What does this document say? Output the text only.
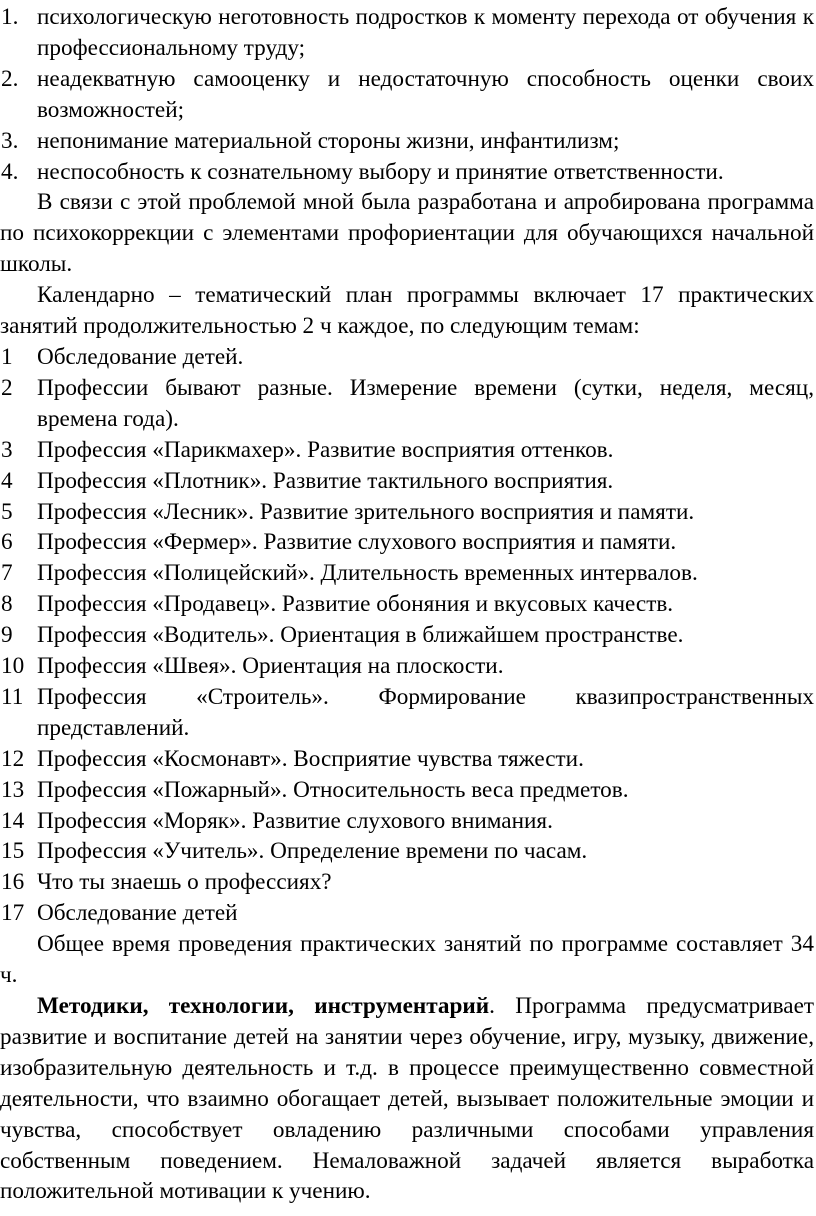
1. психологическую неготовность подростков к моменту перехода от обучения к профессиональному труду;
2. неадекватную самооценку и недостаточную способность оценки своих возможностей;
3. непонимание материальной стороны жизни, инфантилизм;
4. неспособность к сознательному выбору и принятие ответственности.

В связи с этой проблемой мной была разработана и апробирована программа по психокоррекции с элементами профориентации для обучающихся начальной школы.

Календарно – тематический план программы включает 17 практических занятий продолжительностью 2 ч каждое, по следующим темам:

1	Обследование детей.
2	Профессии бывают разные. Измерение времени (сутки, неделя, месяц, времена года).
3	Профессия «Парикмахер». Развитие восприятия оттенков.
4	Профессия «Плотник». Развитие тактильного восприятия.
5	Профессия «Лесник». Развитие зрительного восприятия и памяти.
6	Профессия «Фермер». Развитие слухового восприятия и памяти.
7	Профессия «Полицейский». Длительность временных интервалов.
8	Профессия «Продавец». Развитие обоняния и вкусовых качеств.
9	Профессия «Водитель». Ориентация в ближайшем пространстве.
10 Профессия «Швея». Ориентация на плоскости.
11 Профессия «Строитель». Формирование квазипространственных представлений.
12 Профессия «Космонавт». Восприятие чувства тяжести.
13 Профессия «Пожарный». Относительность веса предметов.
14 Профессия «Моряк». Развитие слухового внимания.
15 Профессия «Учитель». Определение времени по часам.
16 Что ты знаешь о профессиях?
17 Обследование детей

Общее время проведения практических занятий по программе составляет 34 ч.

Методики, технологии, инструментарий. Программа предусматривает развитие и воспитание детей на занятии через обучение, игру, музыку, движение, изобразительную деятельность и т.д. в процессе преимущественно совместной деятельности, что взаимно обогащает детей, вызывает положительные эмоции и чувства, способствует овладению различными способами управления собственным поведением. Немаловажной задачей является выработка положительной мотивации к учению.
